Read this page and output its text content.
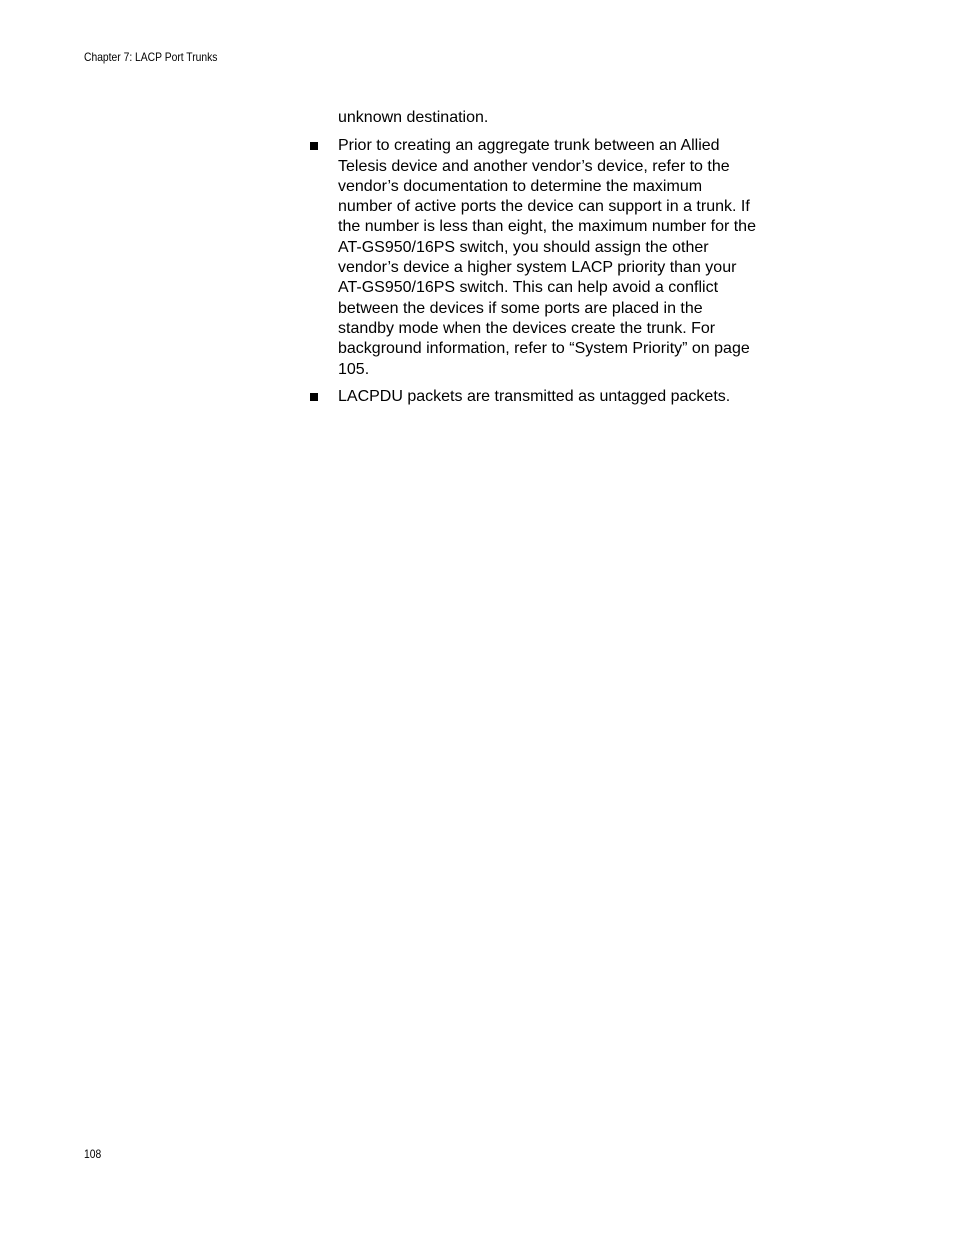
Chapter 7: LACP Port Trunks

unknown destination.

Prior to creating an aggregate trunk between an Allied Telesis device and another vendor’s device, refer to the vendor’s documentation to determine the maximum number of active ports the device can support in a trunk. If the number is less than eight, the maximum number for the AT-GS950/16PS switch, you should assign the other vendor’s device a higher system LACP priority than your AT-GS950/16PS switch. This can help avoid a conflict between the devices if some ports are placed in the standby mode when the devices create the trunk. For background information, refer to “System Priority” on page 105.
LACPDU packets are transmitted as untagged packets.
108
